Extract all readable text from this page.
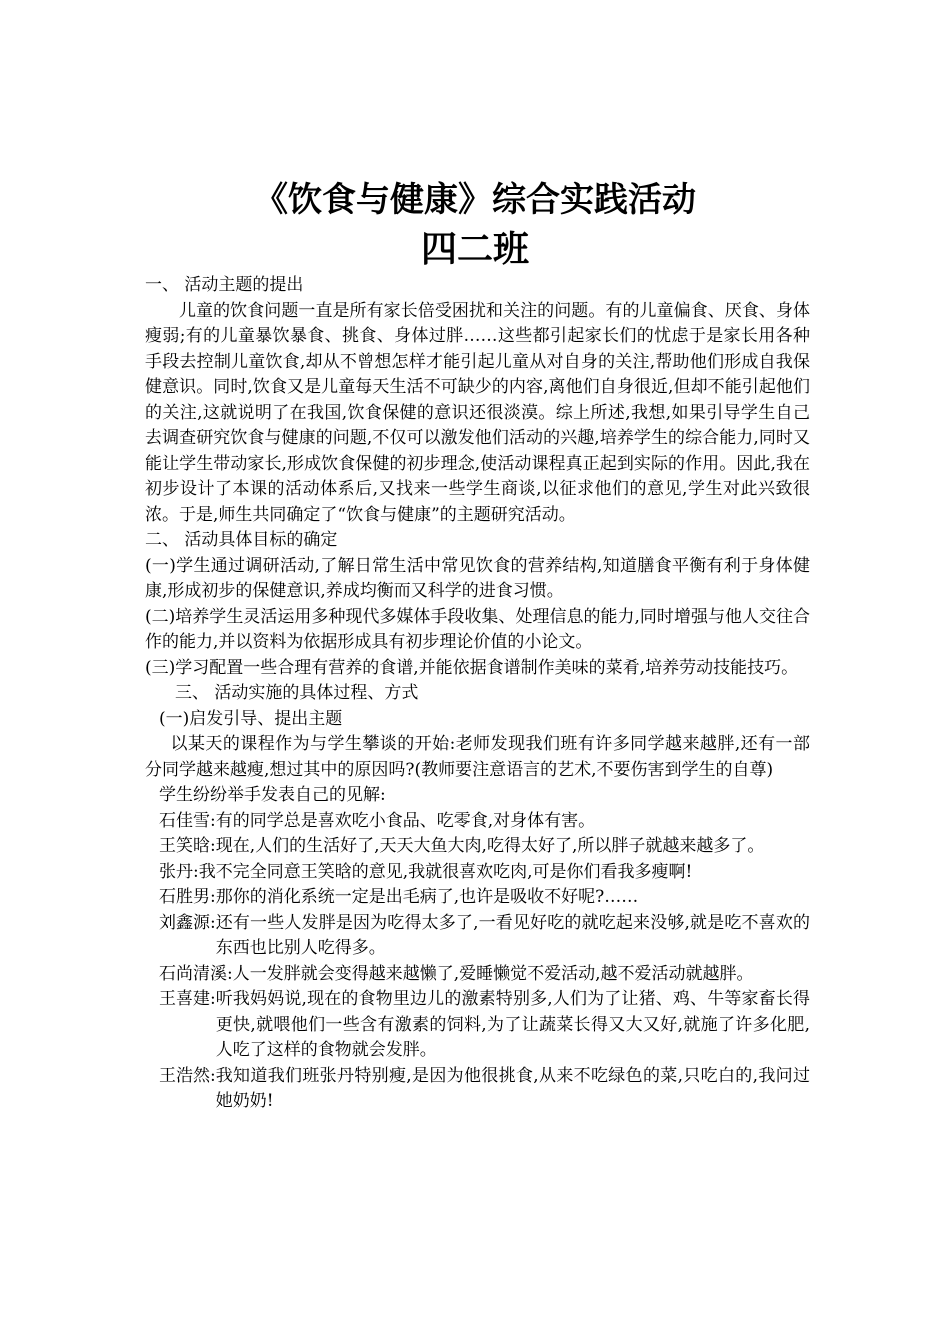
《饮食与健康》综合实践活动
四二班

一、 活动主题的提出

儿童的饮食问题一直是所有家长倍受困扰和关注的问题。有的儿童偏食、厌食、身体瘦弱;有的儿童暴饮暴食、挑食、身体过胖……这些都引起家长们的忧虑于是家长用各种手段去控制儿童饮食,却从不曾想怎样才能引起儿童从对自身的关注,帮助他们形成自我保健意识。同时,饮食又是儿童每天生活不可缺少的内容,离他们自身很近,但却不能引起他们的关注,这就说明了在我国,饮食保健的意识还很淡漠。综上所述,我想,如果引导学生自己去调查研究饮食与健康的问题,不仅可以激发他们活动的兴趣,培养学生的综合能力,同时又能让学生带动家长,形成饮食保健的初步理念,使活动课程真正起到实际的作用。因此,我在初步设计了本课的活动体系后,又找来一些学生商谈,以征求他们的意见,学生对此兴致很浓。于是,师生共同确定了“饮食与健康”的主题研究活动。

二、 活动具体目标的确定

(一)学生通过调研活动,了解日常生活中常见饮食的营养结构,知道膳食平衡有利于身体健康,形成初步的保健意识,养成均衡而又科学的进食习惯。

(二)培养学生灵活运用多种现代多媒体手段收集、处理信息的能力,同时增强与他人交往合作的能力,并以资料为依据形成具有初步理论价值的小论文。

(三)学习配置一些合理有营养的食谱,并能依据食谱制作美味的菜肴,培养劳动技能技巧。

三、 活动实施的具体过程、方式

(一)启发引导、提出主题

以某天的课程作为与学生攀谈的开始:老师发现我们班有许多同学越来越胖,还有一部分同学越来越瘦,想过其中的原因吗?(教师要注意语言的艺术,不要伤害到学生的自尊)

学生纷纷举手发表自己的见解:

石佳雪: 有的同学总是喜欢吃小食品、吃零食,对身体有害。
王笑晗: 现在,人们的生活好了,天天大鱼大肉,吃得太好了,所以胖子就越来越多了。
张丹: 我不完全同意王笑晗的意见,我就很喜欢吃肉,可是你们看我多瘦啊!
石胜男: 那你的消化系统一定是出毛病了,也许是吸收不好呢?……
刘鑫源: 还有一些人发胖是因为吃得太多了,一看见好吃的就吃起来没够,就是吃不喜欢的东西也比别人吃得多。
石尚清溪: 人一发胖就会变得越来越懒了,爱睡懒觉不爱活动,越不爱活动就越胖。
王喜建: 听我妈妈说,现在的食物里边儿的激素特别多,人们为了让猪、鸡、牛等家畜长得更快,就喂他们一些含有激素的饲料,为了让蔬菜长得又大又好,就施了许多化肥,人吃了这样的食物就会发胖。
王浩然: 我知道我们班张丹特别瘦,是因为他很挑食,从来不吃绿色的菜,只吃白的,我问过她奶奶!
